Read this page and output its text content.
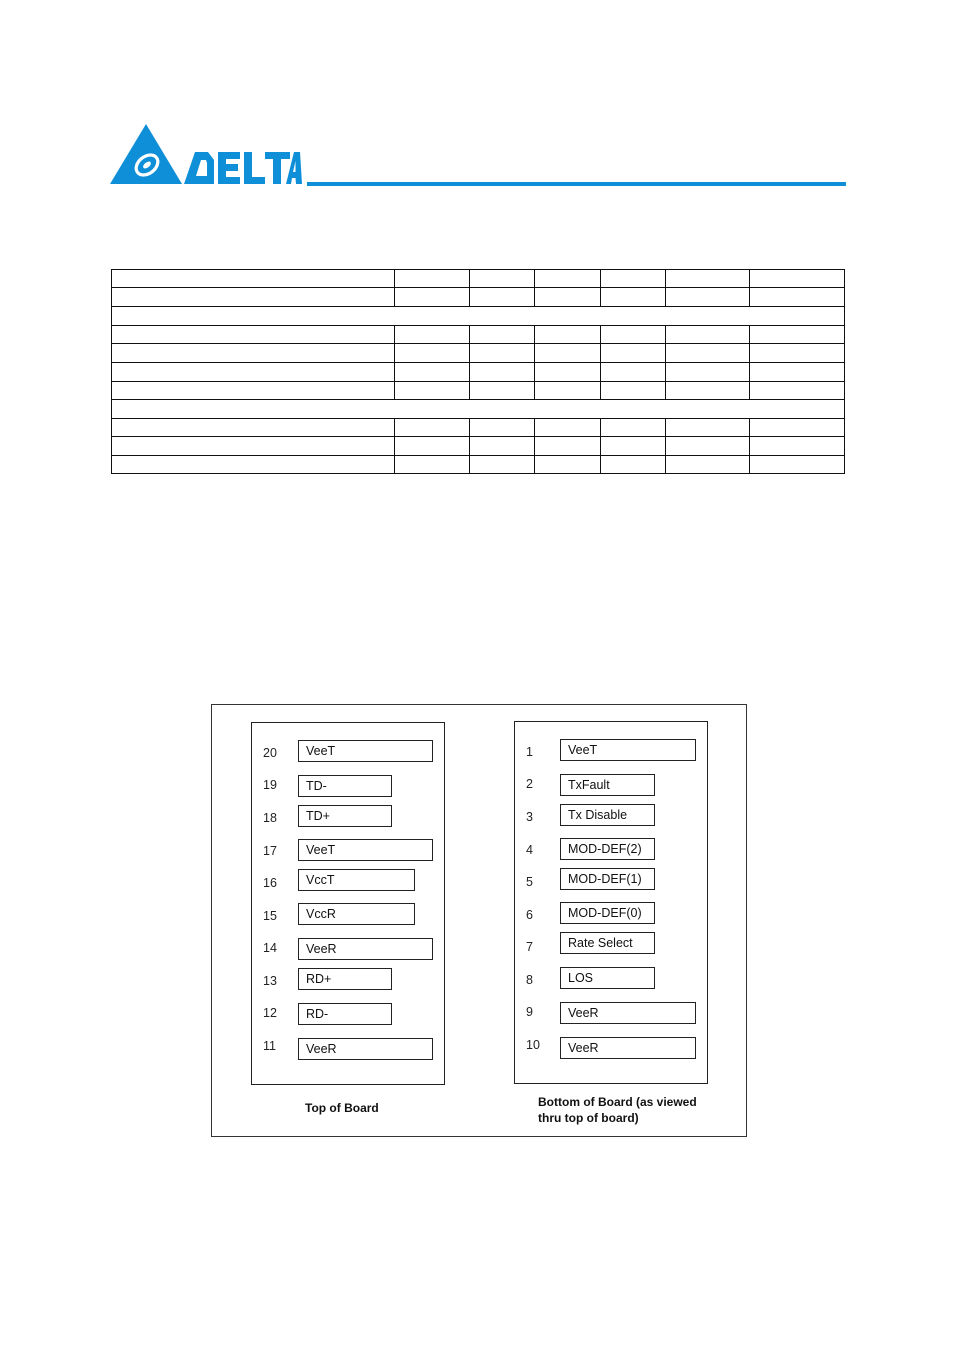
20	VeeT
19	TD-
18	TD+
17	VeeT
16	VccT
15	VccR
14	VeeR
13	RD+
12	RD-
11	VeeR
Top of Board
1	VeeT
2	TxFault
3	Tx Disable
4	MOD-DEF(2)
5	MOD-DEF(1)
6	MOD-DEF(0)
7	Rate Select
8	LOS
9	VeeR
10	VeeR
Bottom of Board (as viewed
thru top of board)
